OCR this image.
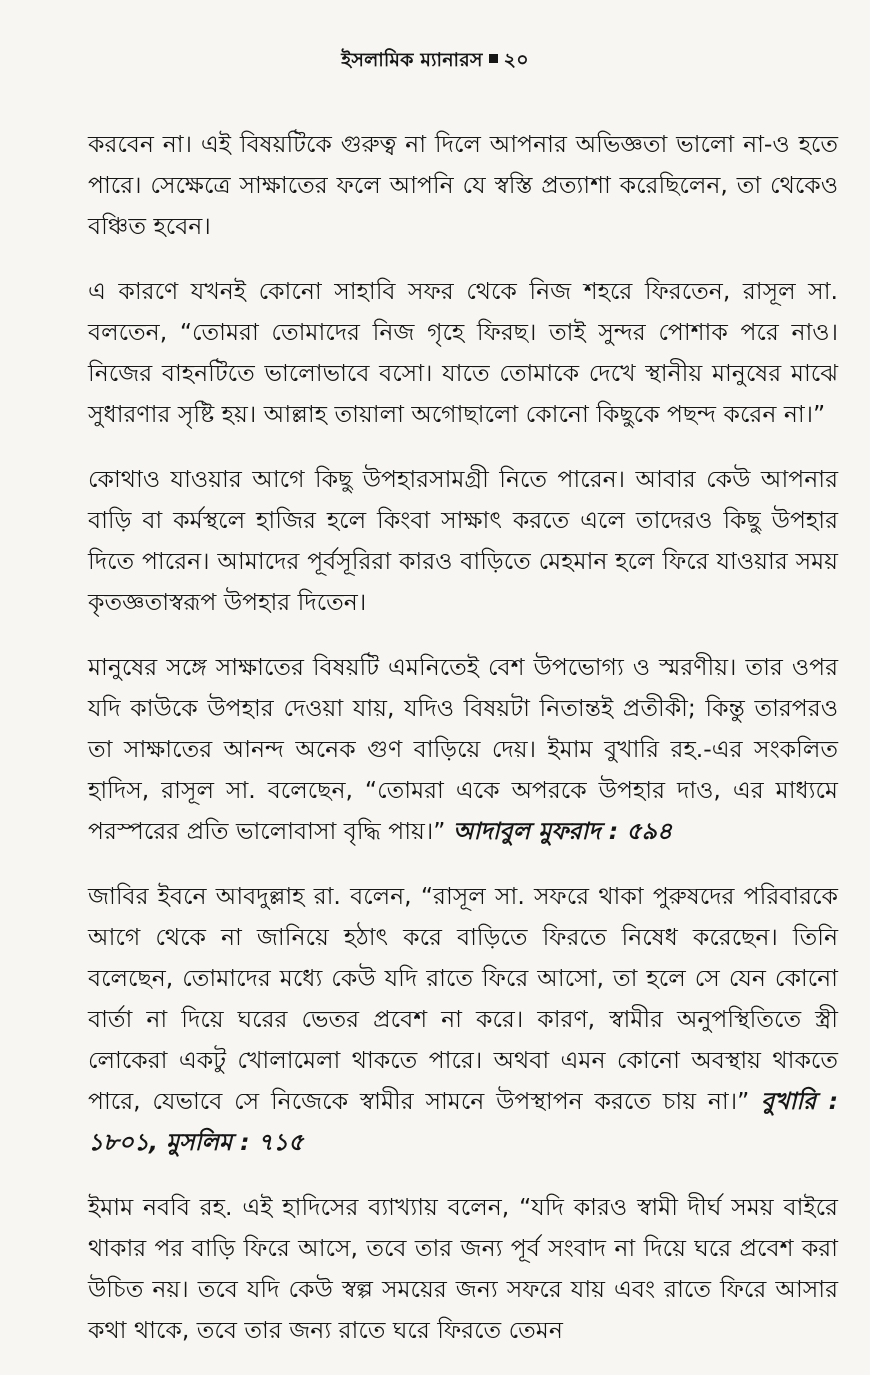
ইসলামিক ম্যানারস ২০

করবেন না। এই বিষয়টিকে গুরুত্ব না দিলে আপনার অভিজ্ঞতা ভালো না-ও হতে পারে। সেক্ষেত্রে সাক্ষাতের ফলে আপনি যে স্বস্তি প্রত্যাশা করেছিলেন, তা থেকেও বঞ্চিত হবেন।

এ কারণে যখনই কোনো সাহাবি সফর থেকে নিজ শহরে ফিরতেন, রাসূল সা. বলতেন, “তোমরা তোমাদের নিজ গৃহে ফিরছ। তাই সুন্দর পোশাক পরে নাও। নিজের বাহনটিতে ভালোভাবে বসো। যাতে তোমাকে দেখে স্থানীয় মানুষের মাঝে সুধারণার সৃষ্টি হয়। আল্লাহ তায়ালা অগোছালো কোনো কিছুকে পছন্দ করেন না।”

কোথাও যাওয়ার আগে কিছু উপহারসামগ্রী নিতে পারেন। আবার কেউ আপনার বাড়ি বা কর্মস্থলে হাজির হলে কিংবা সাক্ষাৎ করতে এলে তাদেরও কিছু উপহার দিতে পারেন। আমাদের পূর্বসূরিরা কারও বাড়িতে মেহমান হলে ফিরে যাওয়ার সময় কৃতজ্ঞতাস্বরূপ উপহার দিতেন।

মানুষের সঙ্গে সাক্ষাতের বিষয়টি এমনিতেই বেশ উপভোগ্য ও স্মরণীয়। তার ওপর যদি কাউকে উপহার দেওয়া যায়, যদিও বিষয়টা নিতান্তই প্রতীকী; কিন্তু তারপরও তা সাক্ষাতের আনন্দ অনেক গুণ বাড়িয়ে দেয়। ইমাম বুখারি রহ.-এর সংকলিত হাদিস, রাসূল সা. বলেছেন, “তোমরা একে অপরকে উপহার দাও, এর মাধ্যমে পরস্পরের প্রতি ভালোবাসা বৃদ্ধি পায়।” আদাবুল মুফরাদ : ৫৯৪

জাবির ইবনে আবদুল্লাহ রা. বলেন, “রাসূল সা. সফরে থাকা পুরুষদের পরিবারকে আগে থেকে না জানিয়ে হঠাৎ করে বাড়িতে ফিরতে নিষেধ করেছেন। তিনি বলেছেন, তোমাদের মধ্যে কেউ যদি রাতে ফিরে আসো, তা হলে সে যেন কোনো বার্তা না দিয়ে ঘরের ভেতর প্রবেশ না করে। কারণ, স্বামীর অনুপস্থিতিতে স্ত্রী লোকেরা একটু খোলামেলা থাকতে পারে। অথবা এমন কোনো অবস্থায় থাকতে পারে, যেভাবে সে নিজেকে স্বামীর সামনে উপস্থাপন করতে চায় না।” বুখারি : ১৮০১, মুসলিম : ৭১৫

ইমাম নববি রহ. এই হাদিসের ব্যাখ্যায় বলেন, “যদি কারও স্বামী দীর্ঘ সময় বাইরে থাকার পর বাড়ি ফিরে আসে, তবে তার জন্য পূর্ব সংবাদ না দিয়ে ঘরে প্রবেশ করা উচিত নয়। তবে যদি কেউ স্বল্প সময়ের জন্য সফরে যায় এবং রাতে ফিরে আসার কথা থাকে, তবে তার জন্য রাতে ঘরে ফিরতে তেমন
